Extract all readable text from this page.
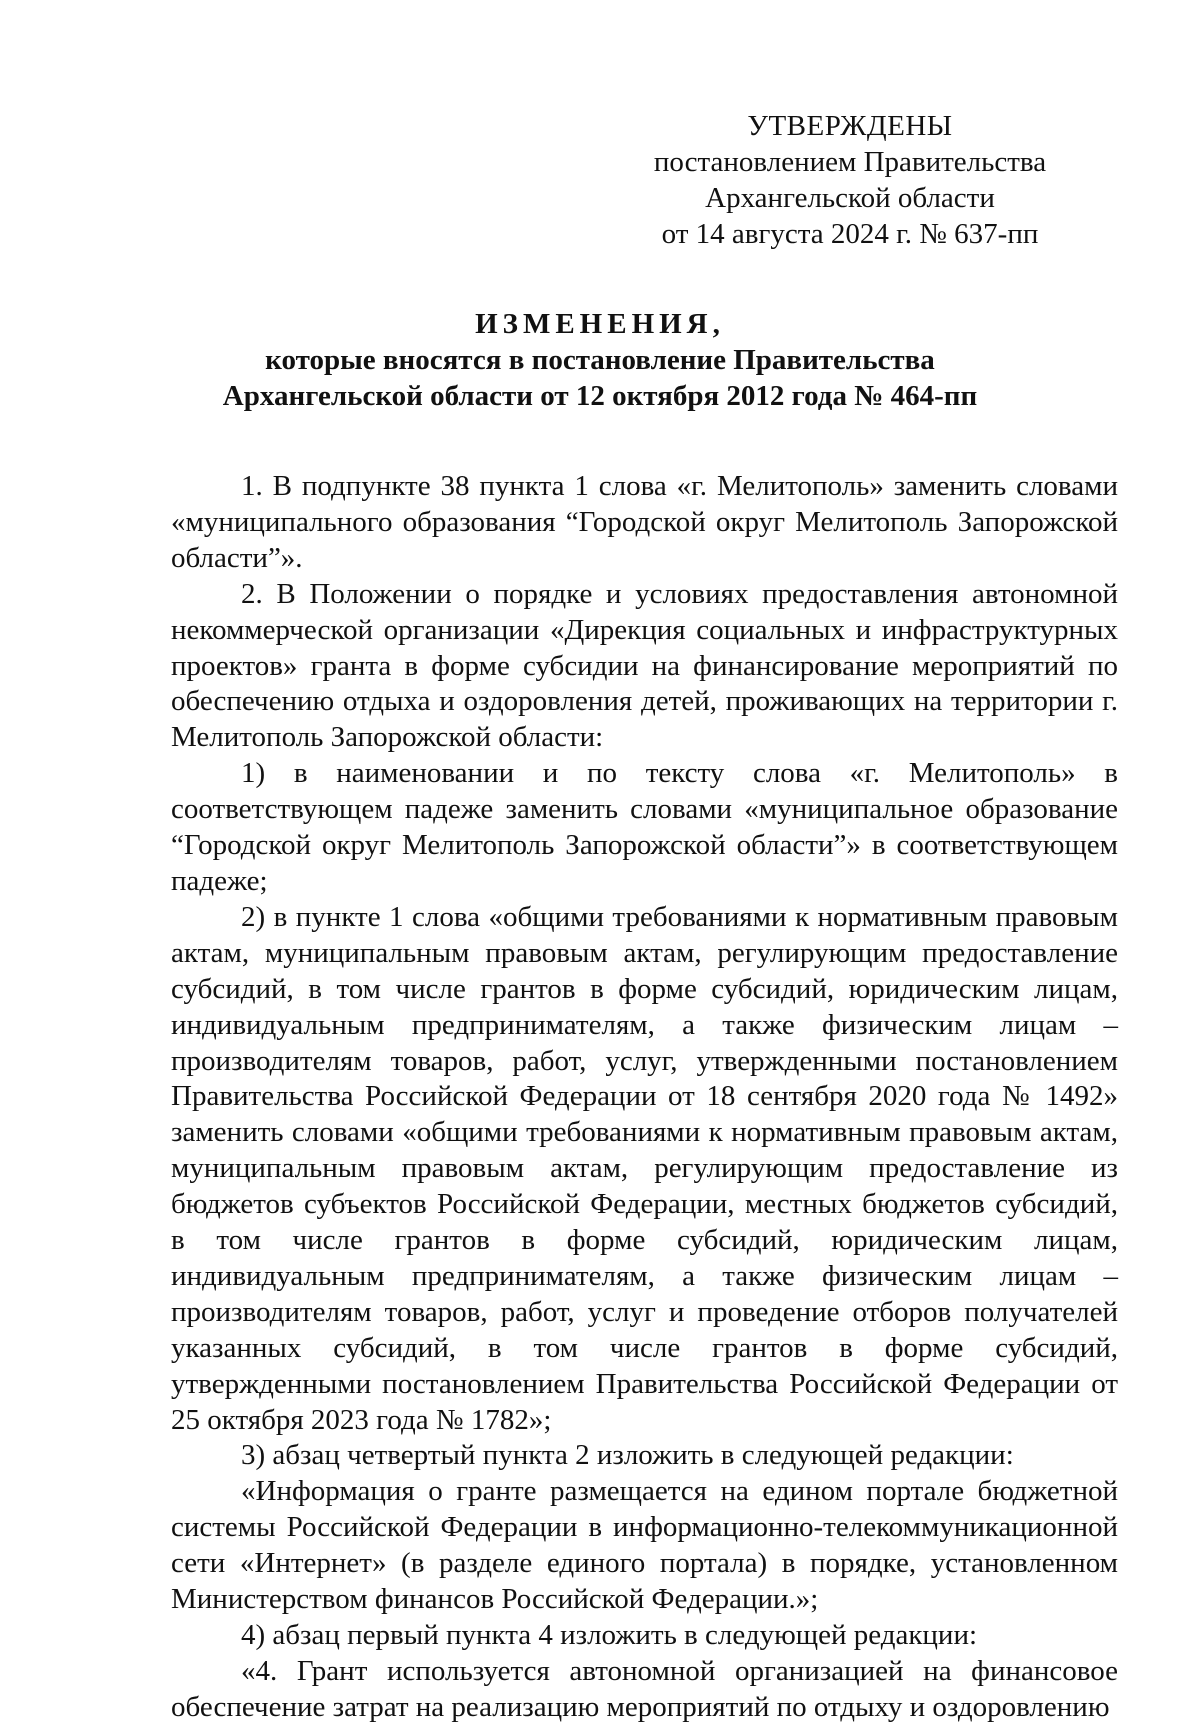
УТВЕРЖДЕНЫ
постановлением Правительства
Архангельской области
от 14 августа 2024 г. № 637-пп
ИЗМЕНЕНИЯ,
которые вносятся в постановление Правительства
Архангельской области от 12 октября 2012 года № 464-пп

1. В подпункте 38 пункта 1 слова «г. Мелитополь» заменить словами «муниципального образования “Городской округ Мелитополь Запорожской области”».

2. В Положении о порядке и условиях предоставления автономной некоммерческой организации «Дирекция социальных и инфраструктурных проектов» гранта в форме субсидии на финансирование мероприятий по обеспечению отдыха и оздоровления детей, проживающих на территории г. Мелитополь Запорожской области:

1) в наименовании и по тексту слова «г. Мелитополь» в соответствующем падеже заменить словами «муниципальное образование “Городской округ Мелитополь Запорожской области”» в соответствующем падеже;

2) в пункте 1 слова «общими требованиями к нормативным правовым актам, муниципальным правовым актам, регулирующим предоставление субсидий, в том числе грантов в форме субсидий, юридическим лицам, индивидуальным предпринимателям, а также физическим лицам – производителям товаров, работ, услуг, утвержденными постановлением Правительства Российской Федерации от 18 сентября 2020 года № 1492» заменить словами «общими требованиями к нормативным правовым актам, муниципальным правовым актам, регулирующим предоставление из бюджетов субъектов Российской Федерации, местных бюджетов субсидий, в том числе грантов в форме субсидий, юридическим лицам, индивидуальным предпринимателям, а также физическим лицам – производителям товаров, работ, услуг и проведение отборов получателей указанных субсидий, в том числе грантов в форме субсидий, утвержденными постановлением Правительства Российской Федерации от 25 октября 2023 года № 1782»;

3) абзац четвертый пункта 2 изложить в следующей редакции:

«Информация о гранте размещается на едином портале бюджетной системы Российской Федерации в информационно-телекоммуникационной сети «Интернет» (в разделе единого портала) в порядке, установленном Министерством финансов Российской Федерации.»;

4) абзац первый пункта 4 изложить в следующей редакции:

«4. Грант используется автономной организацией на финансовое обеспечение затрат на реализацию мероприятий по отдыху и оздоровлению
